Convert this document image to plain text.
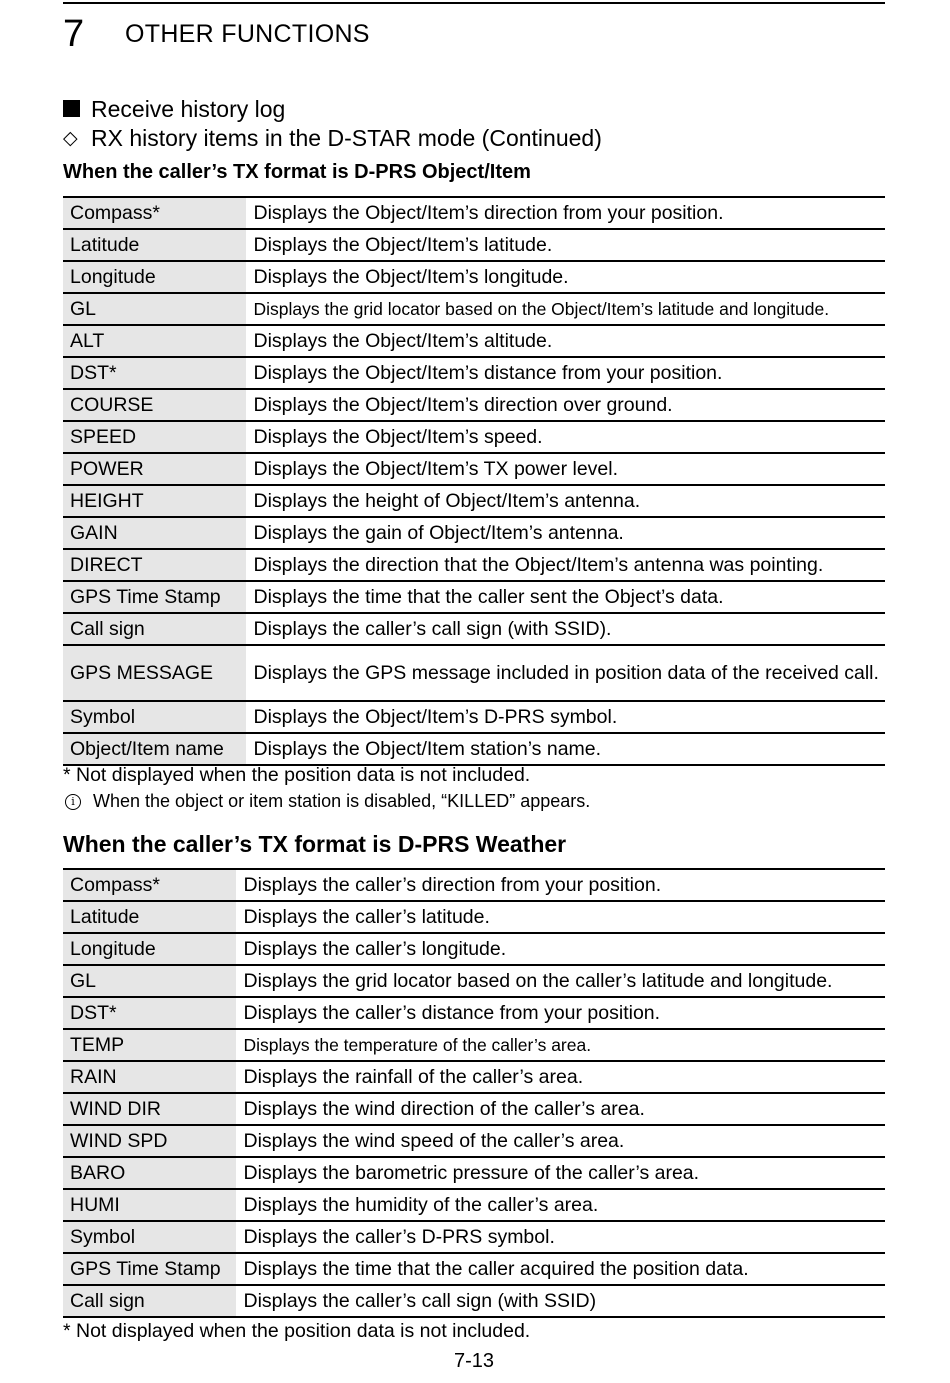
7	OTHER FUNCTIONS
Receive history log
◇ RX history items in the D-STAR mode (Continued)
When the caller’s TX format is D-PRS Object/Item
Compass*	Displays the Object/Item’s direction from your position.
Latitude	Displays the Object/Item’s latitude.
Longitude	Displays the Object/Item’s longitude.
GL	Displays the grid locator based on the Object/Item’s latitude and longitude.
ALT	Displays the Object/Item’s altitude.
DST*	Displays the Object/Item’s distance from your position.
COURSE	Displays the Object/Item’s direction over ground.
SPEED	Displays the Object/Item’s speed.
POWER	Displays the Object/Item’s TX power level.
HEIGHT	Displays the height of Object/Item’s antenna.
GAIN	Displays the gain of Object/Item’s antenna.
DIRECT	Displays the direction that the Object/Item’s antenna was pointing.
GPS Time Stamp	Displays the time that the caller sent the Object’s data.
Call sign	Displays the caller’s call sign (with SSID).
GPS MESSAGE	Displays the GPS message included in position data of the received call.
Symbol	Displays the Object/Item’s D-PRS symbol.
Object/Item name	Displays the Object/Item station’s name.
* Not displayed when the position data is not included.
i	When the object or item station is disabled, “KILLED” appears.
When the caller’s TX format is D-PRS Weather
Compass*	Displays the caller’s direction from your position.
Latitude	Displays the caller’s latitude.
Longitude	Displays the caller’s longitude.
GL	Displays the grid locator based on the caller’s latitude and longitude.
DST*	Displays the caller’s distance from your position.
TEMP	Displays the temperature of the caller’s area.
RAIN	Displays the rainfall of the caller’s area.
WIND DIR	Displays the wind direction of the caller’s area.
WIND SPD	Displays the wind speed of the caller’s area.
BARO	Displays the barometric pressure of the caller’s area.
HUMI	Displays the humidity of the caller’s area.
Symbol	Displays the caller’s D-PRS symbol.
GPS Time Stamp	Displays the time that the caller acquired the position data.
Call sign	Displays the caller’s call sign (with SSID)
* Not displayed when the position data is not included.
7-13
